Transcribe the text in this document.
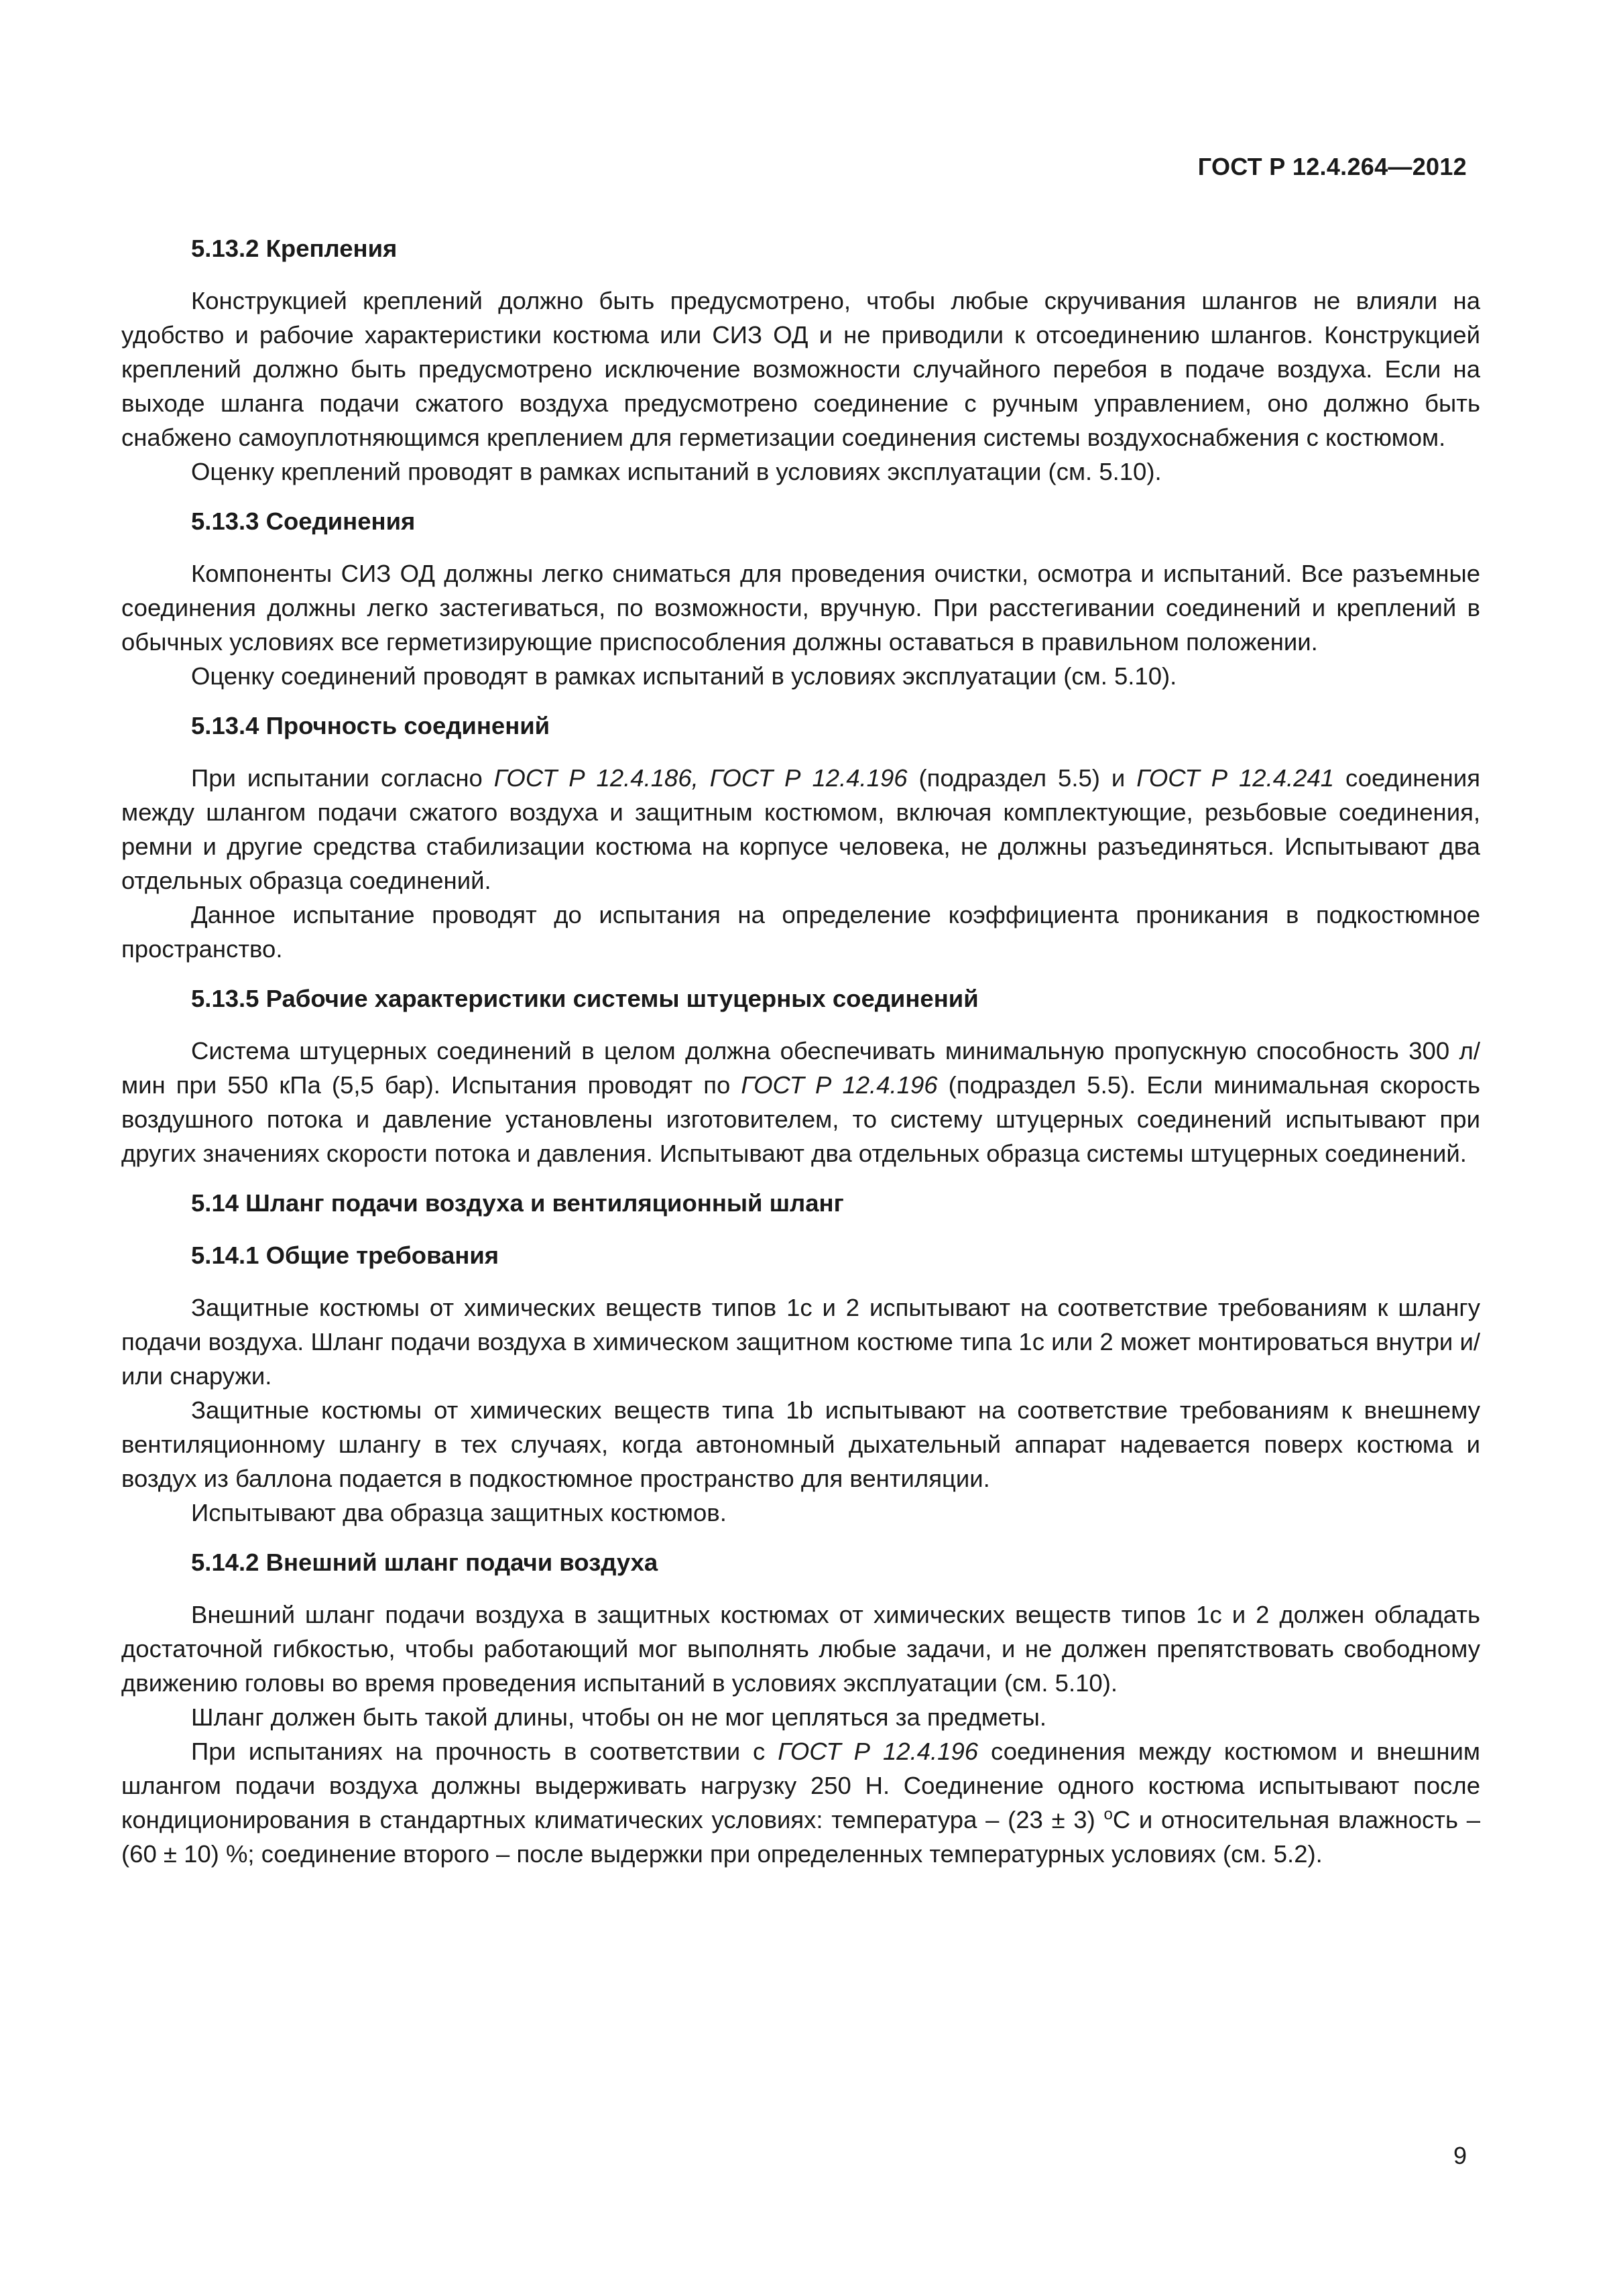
ГОСТ Р 12.4.264—2012

5.13.2 Крепления

Конструкцией креплений должно быть предусмотрено, чтобы любые скручивания шлангов не влияли на удобство и рабочие характеристики костюма или СИЗ ОД и не приводили к отсоединению шлангов. Конструкцией креплений должно быть предусмотрено исключение возможности случайного перебоя в подаче воздуха. Если на выходе шланга подачи сжатого воздуха предусмотрено соединение с ручным управлением, оно должно быть снабжено самоуплотняющимся креплением для герметизации соединения системы воздухоснабжения с костюмом.

Оценку креплений проводят в рамках испытаний в условиях эксплуатации (см. 5.10).

5.13.3 Соединения

Компоненты СИЗ ОД должны легко сниматься для проведения очистки, осмотра и испытаний. Все разъемные соединения должны легко застегиваться, по возможности, вручную. При расстегивании соединений и креплений в обычных условиях все герметизирующие приспособления должны оставаться в правильном положении.

Оценку соединений проводят в рамках испытаний в условиях эксплуатации (см. 5.10).

5.13.4 Прочность соединений

При испытании согласно ГОСТ Р 12.4.186, ГОСТ Р 12.4.196 (подраздел 5.5) и ГОСТ Р 12.4.241 соединения между шлангом подачи сжатого воздуха и защитным костюмом, включая комплектующие, резьбовые соединения, ремни и другие средства стабилизации костюма на корпусе человека, не должны разъединяться. Испытывают два отдельных образца соединений.

Данное испытание проводят до испытания на определение коэффициента проникания в подкостюмное пространство.

5.13.5 Рабочие характеристики системы штуцерных соединений

Система штуцерных соединений в целом должна обеспечивать минимальную пропускную способность 300 л/мин при 550 кПа (5,5 бар). Испытания проводят по ГОСТ Р 12.4.196 (подраздел 5.5). Если минимальная скорость воздушного потока и давление установлены изготовителем, то систему штуцерных соединений испытывают при других значениях скорости потока и давления. Испытывают два отдельных образца системы штуцерных соединений.

5.14 Шланг подачи воздуха и вентиляционный шланг

5.14.1 Общие требования

Защитные костюмы от химических веществ типов 1с и 2 испытывают на соответствие требованиям к шлангу подачи воздуха. Шланг подачи воздуха в химическом защитном костюме типа 1с или 2 может монтироваться внутри и/или снаружи.

Защитные костюмы от химических веществ типа 1b испытывают на соответствие требованиям к внешнему вентиляционному шлангу в тех случаях, когда автономный дыхательный аппарат надевается поверх костюма и воздух из баллона подается в подкостюмное пространство для вентиляции.

Испытывают два образца защитных костюмов.

5.14.2 Внешний шланг подачи воздуха

Внешний шланг подачи воздуха в защитных костюмах от химических веществ типов 1с и 2 должен обладать достаточной гибкостью, чтобы работающий мог выполнять любые задачи, и не должен препятствовать свободному движению головы во время проведения испытаний в условиях эксплуатации (см. 5.10).

Шланг должен быть такой длины, чтобы он не мог цепляться за предметы.

При испытаниях на прочность в соответствии с ГОСТ Р 12.4.196 соединения между костюмом и внешним шлангом подачи воздуха должны выдерживать нагрузку 250 Н. Соединение одного костюма испытывают после кондиционирования в стандартных климатических условиях: температура – (23 ± 3) $^о$С и относительная влажность – (60 ± 10) %; соединение второго – после выдержки при определенных температурных условиях (см. 5.2).

9
